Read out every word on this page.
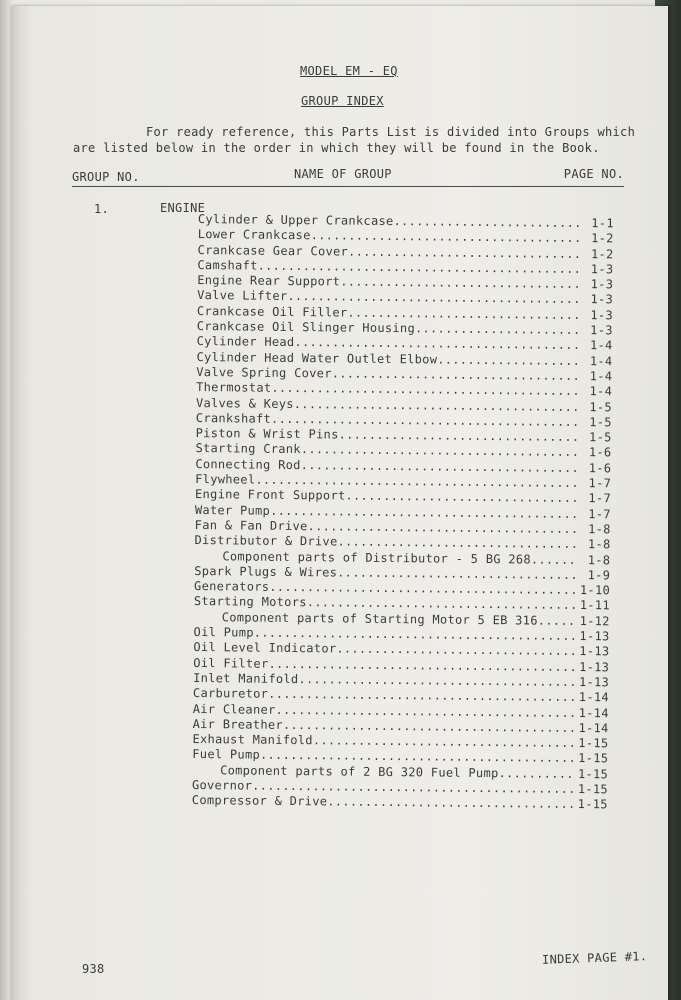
MODEL EM - EQ
GROUP INDEX
For ready reference, this Parts List is divided into Groups which
are listed below in the order in which they will be found in the Book.
GROUP NO.	NAME OF GROUP	PAGE NO.
1.	ENGINE
Cylinder & Upper Crankcase .....	1-1
Lower Crankcase .....	1-2
Crankcase Gear Cover .....	1-2
Camshaft .....	1-3
Engine Rear Support .....	1-3
Valve Lifter .....	1-3
Crankcase Oil Filler .....	1-3
Crankcase Oil Slinger Housing .....	1-3
Cylinder Head .....	1-4
Cylinder Head Water Outlet Elbow .....	1-4
Valve Spring Cover .....	1-4
Thermostat .....	1-4
Valves & Keys .....	1-5
Crankshaft .....	1-5
Piston & Wrist Pins .....	1-5
Starting Crank .....	1-6
Connecting Rod .....	1-6
Flywheel .....	1-7
Engine Front Support .....	1-7
Water Pump .....	1-7
Fan & Fan Drive .....	1-8
Distributor & Drive .....	1-8
Component parts of Distributor - 5 BG 268 .....	1-8
Spark Plugs & Wires .....	1-9
Generators .....	1-10
Starting Motors .....	1-11
Component parts of Starting Motor 5 EB 316 .....	1-12
Oil Pump .....	1-13
Oil Level Indicator .....	1-13
Oil Filter .....	1-13
Inlet Manifold .....	1-13
Carburetor .....	1-14
Air Cleaner .....	1-14
Air Breather .....	1-14
Exhaust Manifold .....	1-15
Fuel Pump .....	1-15
Component parts of 2 BG 320 Fuel Pump .....	1-15
Governor .....	1-15
Compressor & Drive .....	1-15
938
INDEX PAGE #1.
